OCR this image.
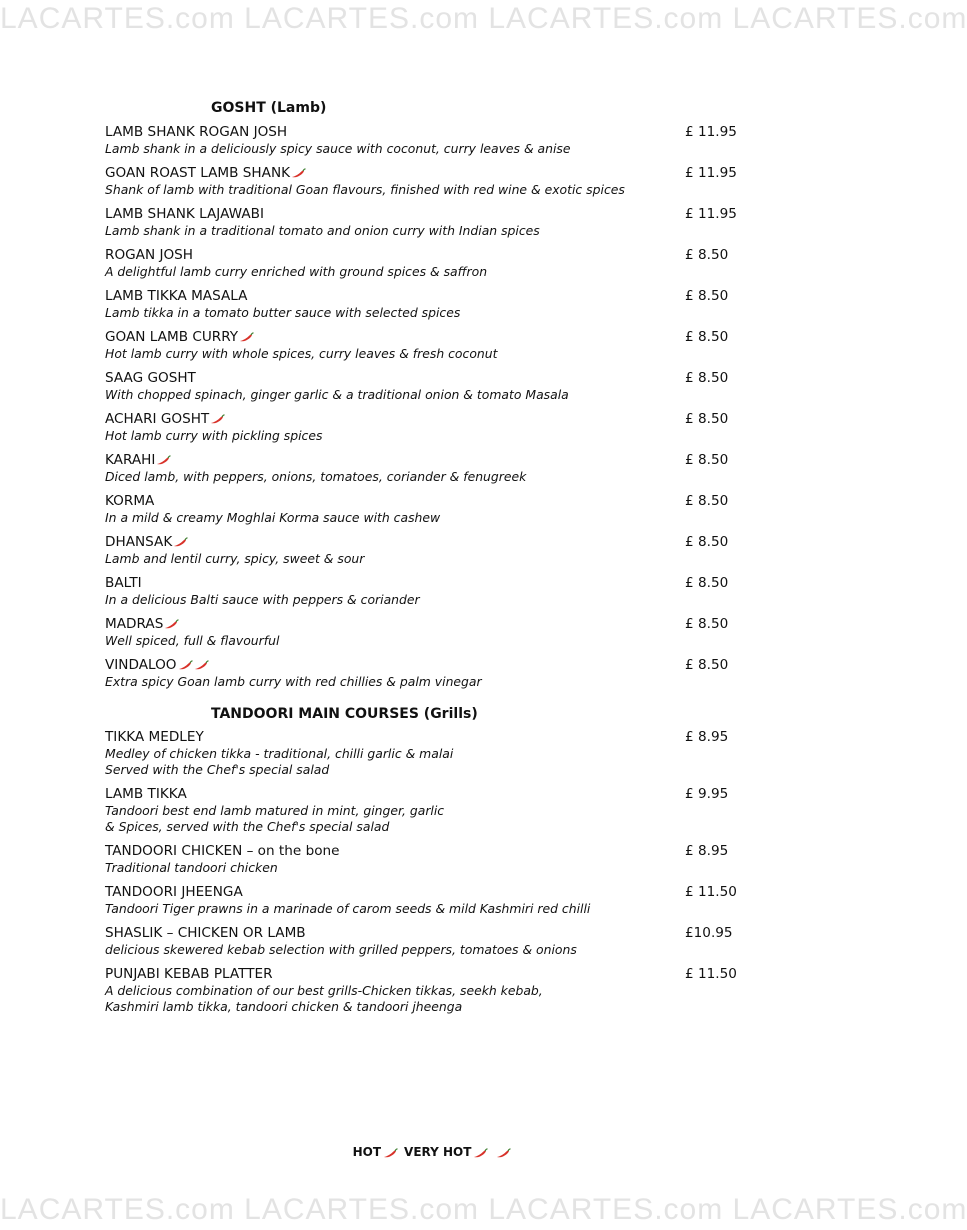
LACARTES.com LACARTES.com LACARTES.com LACARTES.com
GOSHT (Lamb)
LAMB SHANK ROGAN JOSH
Lamb shank in a deliciously spicy sauce with coconut, curry leaves & anise
£ 11.95
GOAN ROAST LAMB SHANK
Shank of lamb with traditional Goan flavours, finished with red wine & exotic spices
£ 11.95
LAMB SHANK LAJAWABI
Lamb shank in a traditional tomato and onion curry with Indian spices
£ 11.95
ROGAN JOSH
A delightful lamb curry enriched with ground spices & saffron
£ 8.50
LAMB TIKKA MASALA
Lamb tikka in a tomato butter sauce with selected spices
£ 8.50
GOAN LAMB CURRY
Hot lamb curry with whole spices, curry leaves & fresh coconut
£ 8.50
SAAG GOSHT
With chopped spinach, ginger garlic & a traditional onion & tomato Masala
£ 8.50
ACHARI GOSHT
Hot lamb curry with pickling spices
£ 8.50
KARAHI
Diced lamb, with peppers, onions, tomatoes, coriander & fenugreek
£ 8.50
KORMA
In a mild & creamy Moghlai Korma sauce with cashew
£ 8.50
DHANSAK
Lamb and lentil curry, spicy, sweet & sour
£ 8.50
BALTI
In a delicious Balti sauce with peppers & coriander
£ 8.50
MADRAS
Well spiced, full & flavourful
£ 8.50
VINDALOO
Extra spicy Goan lamb curry with red chillies & palm vinegar
£ 8.50
TANDOORI MAIN COURSES (Grills)
TIKKA MEDLEY
Medley of chicken tikka - traditional, chilli garlic & malai
Served with the Chef's special salad
£ 8.95
LAMB TIKKA
Tandoori best end lamb matured in mint, ginger, garlic
& Spices, served with the Chef's special salad
£ 9.95
TANDOORI CHICKEN – on the bone
Traditional tandoori chicken
£ 8.95
TANDOORI JHEENGA
Tandoori Tiger prawns in a marinade of carom seeds & mild Kashmiri red chilli
£ 11.50
SHASLIK – CHICKEN OR LAMB
delicious skewered kebab selection with grilled peppers, tomatoes & onions
£10.95
PUNJABI KEBAB PLATTER
A delicious combination of our best grills-Chicken tikkas, seekh kebab,
Kashmiri lamb tikka, tandoori chicken & tandoori jheenga
£ 11.50
HOT VERY HOT
LACARTES.com LACARTES.com LACARTES.com LACARTES.com
